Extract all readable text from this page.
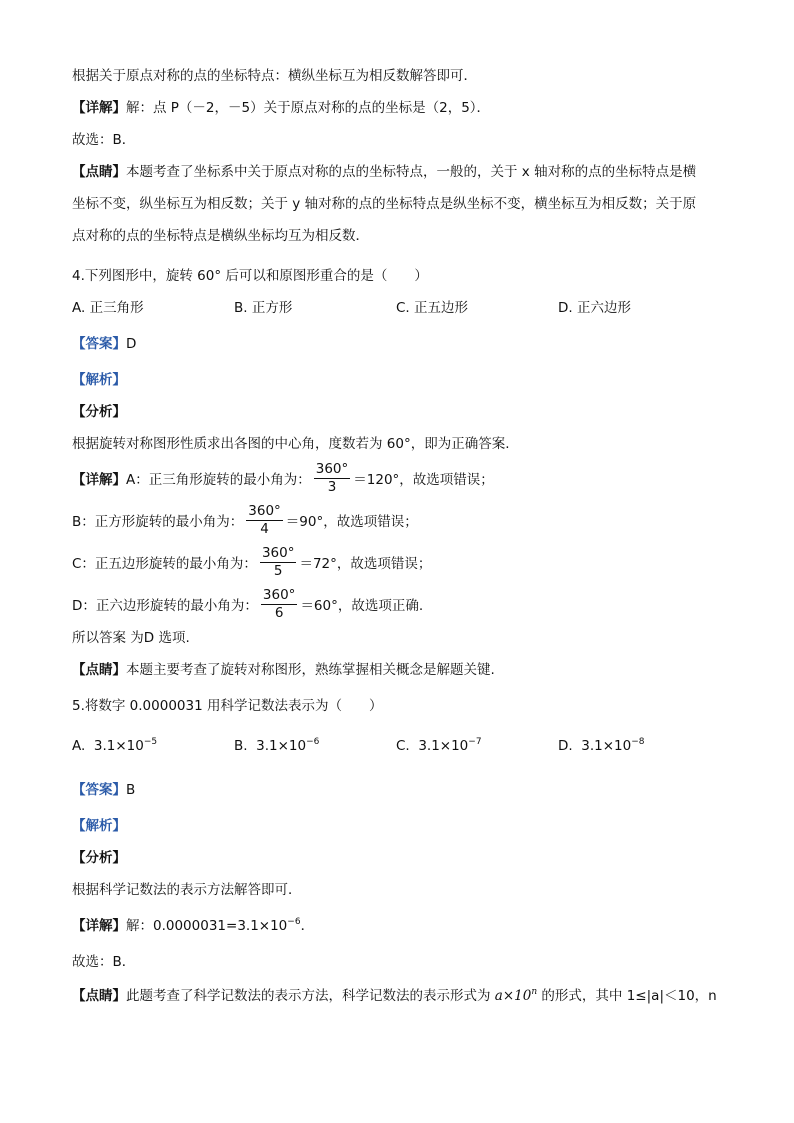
根据关于原点对称的点的坐标特点：横纵坐标互为相反数解答即可．
【详解】解：点 P（－2，－5）关于原点对称的点的坐标是（2，5）．
故选：B．
【点睛】本题考查了坐标系中关于原点对称的点的坐标特点，一般的，关于 x 轴对称的点的坐标特点是横
坐标不变，纵坐标互为相反数；关于 y 轴对称的点的坐标特点是纵坐标不变，横坐标互为相反数；关于原
点对称的点的坐标特点是横纵坐标均互为相反数．
4.下列图形中，旋转 60° 后可以和原图形重合的是（　　）
A. 正三角形	B. 正方形	C. 正五边形	D. 正六边形
【答案】D
【解析】
【分析】
根据旋转对称图形性质求出各图的中心角，度数若为 60°，即为正确答案.
【详解】 A：正三角形旋转的最小角为： $\frac{360^\circ}{3} =120^\circ$，故选项错误；
B：正方形旋转的最小角为： $\frac{360^\circ}{4} =90^\circ$，故选项错误；
C：正五边形旋转的最小角为： $\frac{360^\circ}{5} =72^\circ$，故选项错误；
D：正六边形旋转的最小角为： $\frac{360^\circ}{6} =60^\circ$，故选项正确.
所以答案 为D 选项.
【点睛】本题主要考查了旋转对称图形，熟练掌握相关概念是解题关键.
5.将数字 0.0000031 用科学记数法表示为（　　）
A. $3.1\times 10^{-5}$	B. $3.1\times 10^{-6}$	C. $3.1\times 10^{-7}$	D. $3.1\times 10^{-8}$
【答案】B
【解析】
【分析】
根据科学记数法的表示方法解答即可．
【详解】解：$0.0000031=3.1\times 10^{-6}$．
故选：B．
【点睛】此题考查了科学记数法的表示方法，科学记数法的表示形式为 $a\times 10^n$ 的形式，其中 1≤|a|＜10，n
